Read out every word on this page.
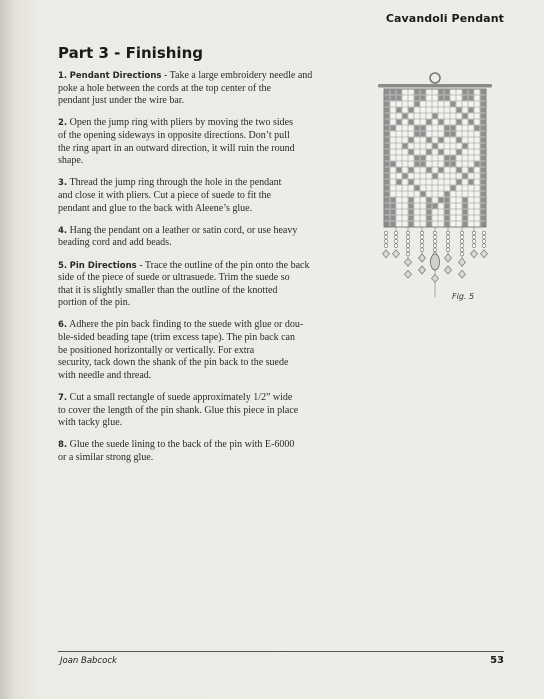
Cavandoli Pendant
Part 3 - Finishing
1. Pendant Directions - Take a large embroidery needle and
poke a hole between the cords at the top center of the
pendant just under the wire bar.
2. Open the jump ring with pliers by moving the two sides
of the opening sideways in opposite directions. Don’t pull
the ring apart in an outward direction, it will ruin the round
shape.
3. Thread the jump ring through the hole in the pendant
and close it with pliers. Cut a piece of suede to fit the
pendant and glue to the back with Aleene’s glue.
4. Hang the pendant on a leather or satin cord, or use heavy
beading cord and add beads.
5. Pin Directions - Trace the outline of the pin onto the back
side of the piece of suede or ultrasuede. Trim the suede so
that it is slightly smaller than the outline of the knotted
portion of the pin.
6. Adhere the pin back finding to the suede with glue or dou-
ble-sided beading tape (trim excess tape). The pin back can
be positioned horizontally or vertically. For extra
security, tack down the shank of the pin back to the suede
with needle and thread.
7. Cut a small rectangle of suede approximately 1/2” wide
to cover the length of the pin shank. Glue this piece in place
with tacky glue.
8. Glue the suede lining to the back of the pin with E-6000
or a similar strong glue.
Fig. 5
Joan Babcock	53
